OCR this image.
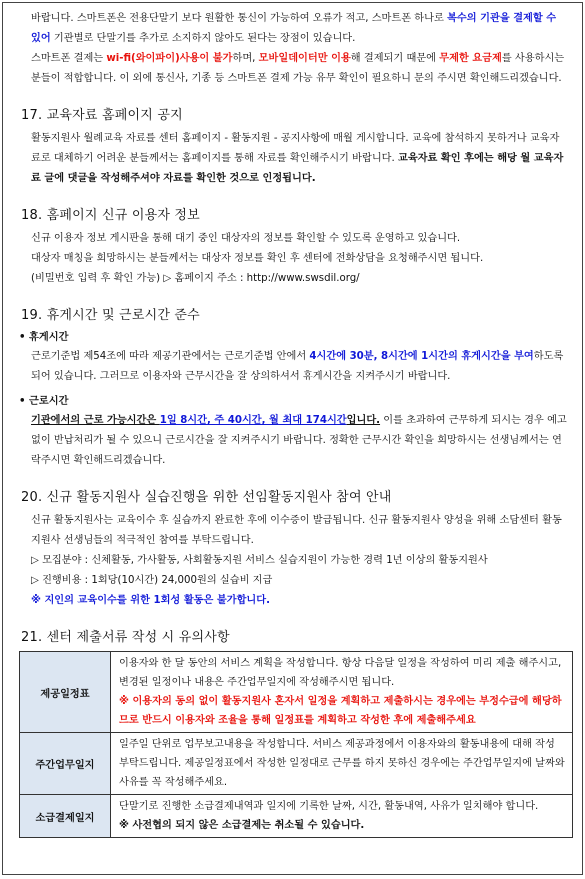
바랍니다. 스마트폰은 전용단말기 보다 원활한 통신이 가능하여 오류가 적고, 스마트폰 하나로 복수의 기관을 결제할 수 있어 기관별로 단말기를 추가로 소지하지 않아도 된다는 장점이 있습니다.

스마트폰 결제는 wi-fi(와이파이)사용이 불가하며, 모바일데이터만 이용해 결제되기 때문에 무제한 요금제를 사용하시는 분들이 적합합니다. 이 외에 통신사, 기종 등 스마트폰 결제 가능 유무 확인이 필요하니 문의 주시면 확인해드리겠습니다.

17. 교육자료 홈페이지 공지

활동지원사 월례교육 자료를 센터 홈페이지 - 활동지원 - 공지사항에 매월 게시합니다. 교육에 참석하지 못하거나 교육자료로 대체하기 어려운 분들께서는 홈페이지를 통해 자료를 확인해주시기 바랍니다. 교육자료 확인 후에는 해당 월 교육자료 글에 댓글을 작성해주셔야 자료를 확인한 것으로 인정됩니다.

18. 홈페이지 신규 이용자 정보

신규 이용자 정보 게시판을 통해 대기 중인 대상자의 정보를 확인할 수 있도록 운영하고 있습니다.

대상자 매칭을 희망하시는 분들께서는 대상자 정보를 확인 후 센터에 전화상담을 요청해주시면 됩니다.

(비밀번호 입력 후 확인 가능) ▷ 홈페이지 주소 : http://www.swsdil.org/

19. 휴게시간 및 근로시간 준수
• 휴게시간

근로기준법 제54조에 따라 제공기관에서는 근로기준법 안에서 4시간에 30분, 8시간에 1시간의 휴게시간을 부여하도록 되어 있습니다. 그러므로 이용자와 근무시간을 잘 상의하셔서 휴게시간을 지켜주시기 바랍니다.

• 근로시간

기관에서의 근로 가능시간은 1일 8시간, 주 40시간, 월 최대 174시간입니다. 이를 초과하여 근무하게 되시는 경우 예고 없이 반납처리가 될 수 있으니 근로시간을 잘 지켜주시기 바랍니다. 정확한 근무시간 확인을 희망하시는 선생님께서는 연락주시면 확인해드리겠습니다.

20. 신규 활동지원사 실습진행을 위한 선임활동지원사 참여 안내

신규 활동지원사는 교육이수 후 실습까지 완료한 후에 이수증이 발급됩니다. 신규 활동지원사 양성을 위해 소담센터 활동지원사 선생님들의 적극적인 참여를 부탁드립니다.

▷ 모집분야 : 신체활동, 가사활동, 사회활동지원 서비스 실습지원이 가능한 경력 1년 이상의 활동지원사

▷ 진행비용 : 1회당(10시간) 24,000원의 실습비 지급

※ 지인의 교육이수를 위한 1회성 활동은 불가합니다.

21. 센터 제출서류 작성 시 유의사항
제공일정표	이용자와 한 달 동안의 서비스 계획을 작성합니다. 항상 다음달 일정을 작성하여 미리 제출 해주시고, 변경된 일정이나 내용은 주간업무일지에 작성해주시면 됩니다.
※ 이용자의 동의 없이 활동지원사 혼자서 일정을 계획하고 제출하시는 경우에는 부정수급에 해당하므로 반드시 이용자와 조율을 통해 일정표를 계획하고 작성한 후에 제출해주세요

주간업무일지	일주일 단위로 업무보고내용을 작성합니다. 서비스 제공과정에서 이용자와의 활동내용에 대해 작성 부탁드립니다. 제공일정표에서 작성한 일정대로 근무를 하지 못하신 경우에는 주간업무일지에 날짜와 사유를 꼭 작성해주세요.

소급결제일지	단말기로 진행한 소급결제내역과 일지에 기록한 날짜, 시간, 활동내역, 사유가 일치해야 합니다.
※ 사전협의 되지 않은 소급결제는 취소될 수 있습니다.
